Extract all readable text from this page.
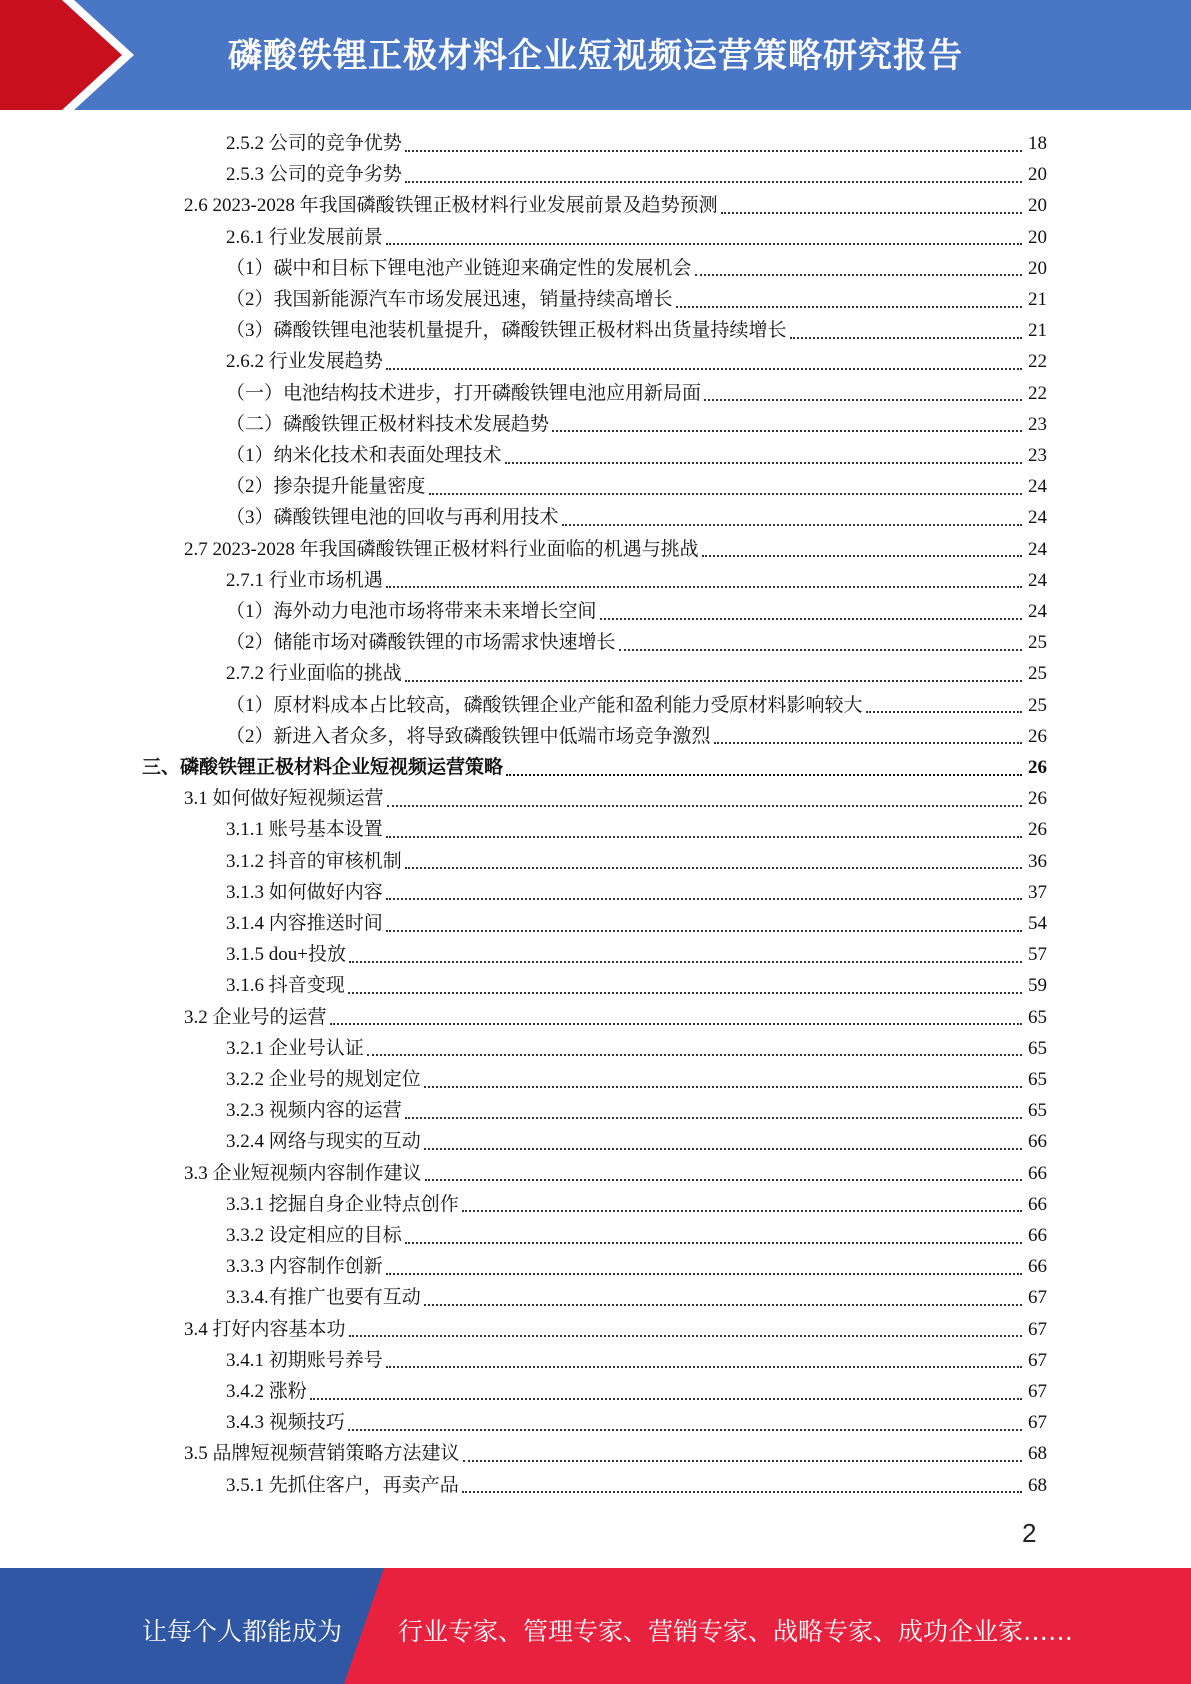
磷酸铁锂正极材料企业短视频运营策略研究报告
2.5.2 公司的竞争优势	18
2.5.3 公司的竞争劣势	20
2.6 2023-2028 年我国磷酸铁锂正极材料行业发展前景及趋势预测	20
2.6.1 行业发展前景	20
（1）碳中和目标下锂电池产业链迎来确定性的发展机会	20
（2）我国新能源汽车市场发展迅速，销量持续高增长	21
（3）磷酸铁锂电池装机量提升，磷酸铁锂正极材料出货量持续增长	21
2.6.2 行业发展趋势	22
（一）电池结构技术进步，打开磷酸铁锂电池应用新局面	22
（二）磷酸铁锂正极材料技术发展趋势	23
（1）纳米化技术和表面处理技术	23
（2）掺杂提升能量密度	24
（3）磷酸铁锂电池的回收与再利用技术	24
2.7 2023-2028 年我国磷酸铁锂正极材料行业面临的机遇与挑战	24
2.7.1 行业市场机遇	24
（1）海外动力电池市场将带来未来增长空间	24
（2）储能市场对磷酸铁锂的市场需求快速增长	25
2.7.2 行业面临的挑战	25
（1）原材料成本占比较高，磷酸铁锂企业产能和盈利能力受原材料影响较大	25
（2）新进入者众多，将导致磷酸铁锂中低端市场竞争激烈	26
三、磷酸铁锂正极材料企业短视频运营策略	26
3.1 如何做好短视频运营	26
3.1.1 账号基本设置	26
3.1.2 抖音的审核机制	36
3.1.3 如何做好内容	37
3.1.4 内容推送时间	54
3.1.5 dou+投放	57
3.1.6 抖音变现	59
3.2 企业号的运营	65
3.2.1 企业号认证	65
3.2.2 企业号的规划定位	65
3.2.3 视频内容的运营	65
3.2.4 网络与现实的互动	66
3.3 企业短视频内容制作建议	66
3.3.1 挖掘自身企业特点创作	66
3.3.2 设定相应的目标	66
3.3.3 内容制作创新	66
3.3.4.有推广也要有互动	67
3.4 打好内容基本功	67
3.4.1 初期账号养号	67
3.4.2 涨粉	67
3.4.3 视频技巧	67
3.5 品牌短视频营销策略方法建议	68
3.5.1 先抓住客户，再卖产品	68
2
让每个人都能成为 行业专家、管理专家、营销专家、战略专家、成功企业家……
